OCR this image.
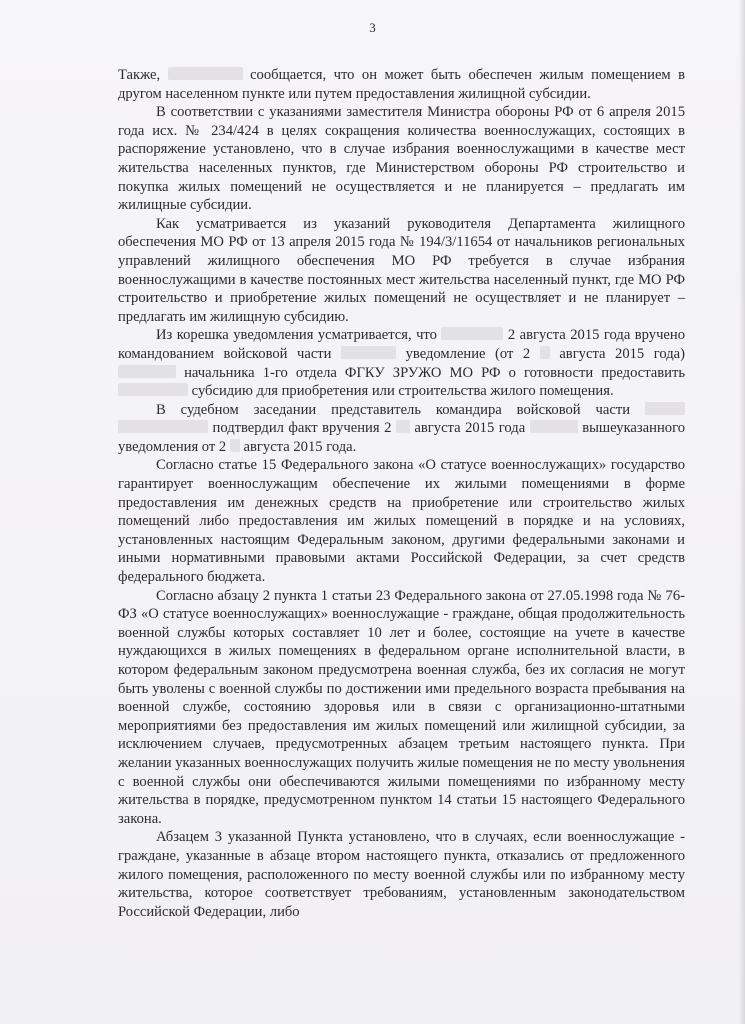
3

Также,	сообщается, что он может быть обеспечен жилым помещением в другом населенном пункте или путем предоставления жилищной субсидии.

В соответствии с указаниями заместителя Министра обороны РФ от 6 апреля 2015 года исх. № 234/424 в целях сокращения количества военнослужащих, состоящих в распоряжение установлено, что в случае избрания военнослужащими в качестве мест жительства населенных пунктов, где Министерством обороны РФ строительство и покупка жилых помещений не осуществляется и не планируется – предлагать им жилищные субсидии.

Как усматривается из указаний руководителя Департамента жилищного обеспечения МО РФ от 13 апреля 2015 года № 194/3/11654 от начальников региональных управлений жилищного обеспечения МО РФ требуется в случае избрания военнослужащими в качестве постоянных мест жительства населенный пункт, где МО РФ строительство и приобретение жилых помещений не осуществляет и не планирует – предлагать им жилищную субсидию.

Из корешка уведомления усматривается, что	2 августа 2015 года вручено командованием войсковой части	уведомление (от 2 августа 2015 года)  начальника 1-го отдела ФГКУ ЗРУЖО МО РФ о готовности предоставить  субсидию для приобретения или строительства жилого помещения.

В судебном заседании представитель командира войсковой части   подтвердил факт вручения 2 августа 2015 года	вышеуказанного уведомления от 2 августа 2015 года.

Согласно статье 15 Федерального закона «О статусе военнослужащих» государство гарантирует военнослужащим обеспечение их жилыми помещениями в форме предоставления им денежных средств на приобретение или строительство жилых помещений либо предоставления им жилых помещений в порядке и на условиях, установленных настоящим Федеральным законом, другими федеральными законами и иными нормативными правовыми актами Российской Федерации, за счет средств федерального бюджета.

Согласно абзацу 2 пункта 1 статьи 23 Федерального закона от 27.05.1998 года № 76-ФЗ «О статусе военнослужащих» военнослужащие - граждане, общая продолжительность военной службы которых составляет 10 лет и более, состоящие на учете в качестве нуждающихся в жилых помещениях в федеральном органе исполнительной власти, в котором федеральным законом предусмотрена военная служба, без их согласия не могут быть уволены с военной службы по достижении ими предельного возраста пребывания на военной службе, состоянию здоровья или в связи с организационно-штатными мероприятиями без предоставления им жилых помещений или жилищной субсидии, за исключением случаев, предусмотренных абзацем третьим настоящего пункта. При желании указанных военнослужащих получить жилые помещения не по месту увольнения с военной службы они обеспечиваются жилыми помещениями по избранному месту жительства в порядке, предусмотренном пунктом 14 статьи 15 настоящего Федерального закона.

Абзацем 3 указанной Пункта установлено, что в случаях, если военнослужащие - граждане, указанные в абзаце втором настоящего пункта, отказались от предложенного жилого помещения, расположенного по месту военной службы или по избранному месту жительства, которое соответствует требованиям, установленным законодательством Российской Федерации, либо
